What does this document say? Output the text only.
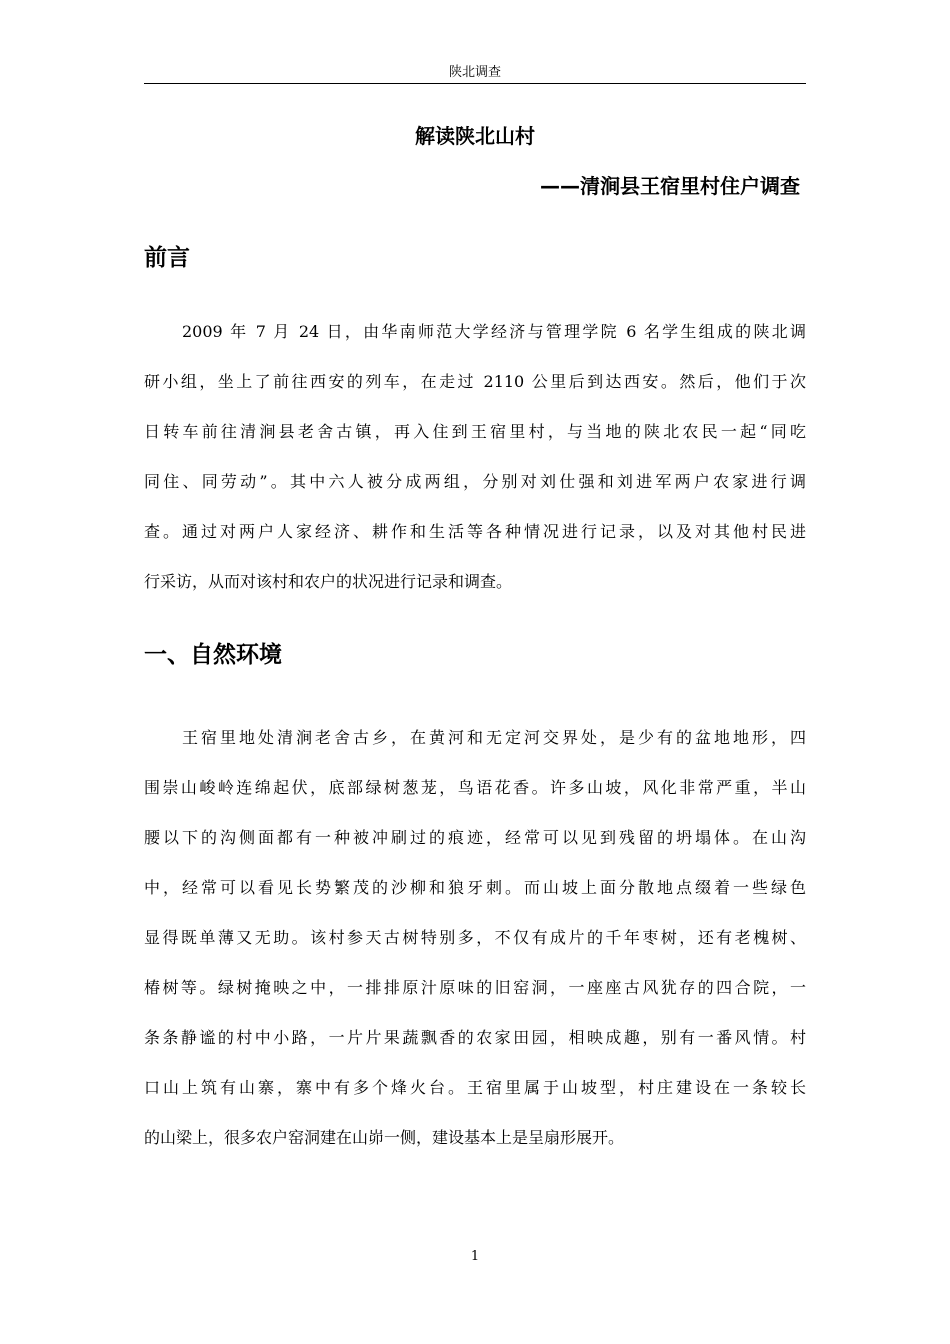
陕北调查
解读陕北山村
——清涧县王宿里村住户调查
前言
2009 年 7 月 24 日，由华南师范大学经济与管理学院 6 名学生组成的陕北调
研小组，坐上了前往西安的列车，在走过 2110 公里后到达西安。然后，他们于次
日转车前往清涧县老舍古镇，再入住到王宿里村，与当地的陕北农民一起“同吃
同住、同劳动”。其中六人被分成两组，分别对刘仕强和刘进军两户农家进行调
查。通过对两户人家经济、耕作和生活等各种情况进行记录，以及对其他村民进
行采访，从而对该村和农户的状况进行记录和调查。
一、自然环境
王宿里地处清涧老舍古乡，在黄河和无定河交界处，是少有的盆地地形，四
围崇山峻岭连绵起伏，底部绿树葱茏，鸟语花香。许多山坡，风化非常严重，半山
腰以下的沟侧面都有一种被冲刷过的痕迹，经常可以见到残留的坍塌体。在山沟
中，经常可以看见长势繁茂的沙柳和狼牙刺。而山坡上面分散地点缀着一些绿色
显得既单薄又无助。该村参天古树特别多，不仅有成片的千年枣树，还有老槐树、
椿树等。绿树掩映之中，一排排原汁原味的旧窑洞，一座座古风犹存的四合院，一
条条静谧的村中小路，一片片果蔬飘香的农家田园，相映成趣，别有一番风情。村
口山上筑有山寨，寨中有多个烽火台。王宿里属于山坡型，村庄建设在一条较长
的山梁上，很多农户窑洞建在山峁一侧，建设基本上是呈扇形展开。
1
